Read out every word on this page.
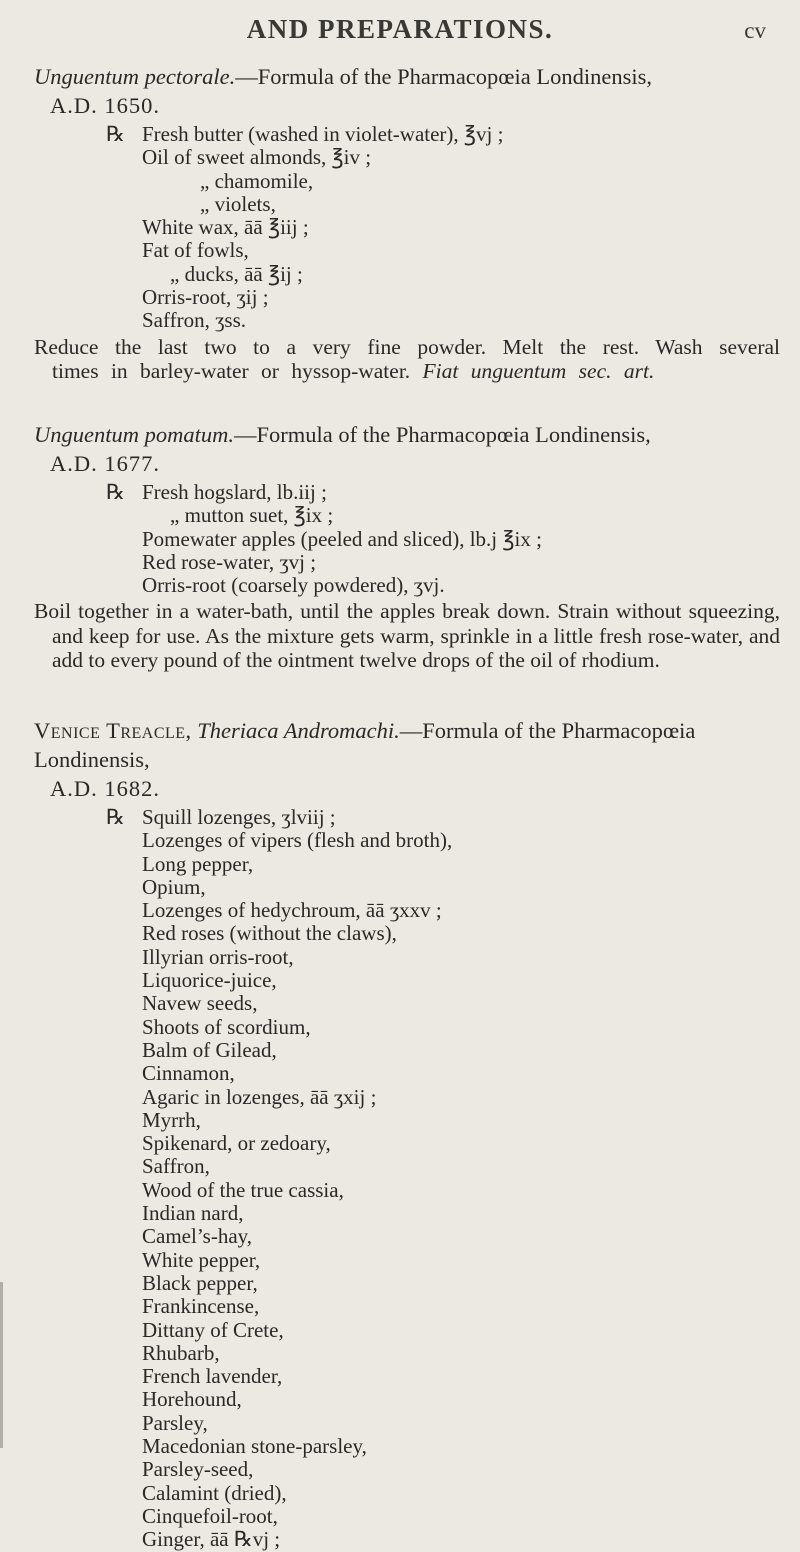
AND PREPARATIONS.	cv
Unguentum pectorale.—Formula of the Pharmacopœia Londinensis,
A.D. 1650.
℞ Fresh butter (washed in violet-water), ℥vj ;
Oil of sweet almonds, ℥iv ;
„ chamomile,
„ violets,
White wax, āā ℥iij ;
Fat of fowls,
„ ducks, āā ℥ij ;
Orris-root, ʒij ;
Saffron, ʒss.
Reduce the last two to a very fine powder. Melt the rest. Wash several times in barley-water or hyssop-water. Fiat unguentum sec. art.
Unguentum pomatum.—Formula of the Pharmacopœia Londinensis,
A.D. 1677.
℞ Fresh hogslard, lb.iij ;
„ mutton suet, ℥ix ;
Pomewater apples (peeled and sliced), lb.j ℥ix ;
Red rose-water, ʒvj ;
Orris-root (coarsely powdered), ʒvj.
Boil together in a water-bath, until the apples break down. Strain without squeezing, and keep for use. As the mixture gets warm, sprinkle in a little fresh rose-water, and add to every pound of the ointment twelve drops of the oil of rhodium.
Venice Treacle, Theriaca Andromachi.—Formula of the Pharmacopœia Londinensis,
A.D. 1682.
℞ Squill lozenges, ʒlviij ;
Lozenges of vipers (flesh and broth),
Long pepper,
Opium,
Lozenges of hedychroum, āā ʒxxv ;
Red roses (without the claws),
Illyrian orris-root,
Liquorice-juice,
Navew seeds,
Shoots of scordium,
Balm of Gilead,
Cinnamon,
Agaric in lozenges, āā ʒxij ;
Myrrh,
Spikenard, or zedoary,
Saffron,
Wood of the true cassia,
Indian nard,
Camel’s-hay,
White pepper,
Black pepper,
Frankincense,
Dittany of Crete,
Rhubarb,
French lavender,
Horehound,
Parsley,
Macedonian stone-parsley,
Parsley-seed,
Calamint (dried),
Cinquefoil-root,
Ginger, āā ℞vj ;
